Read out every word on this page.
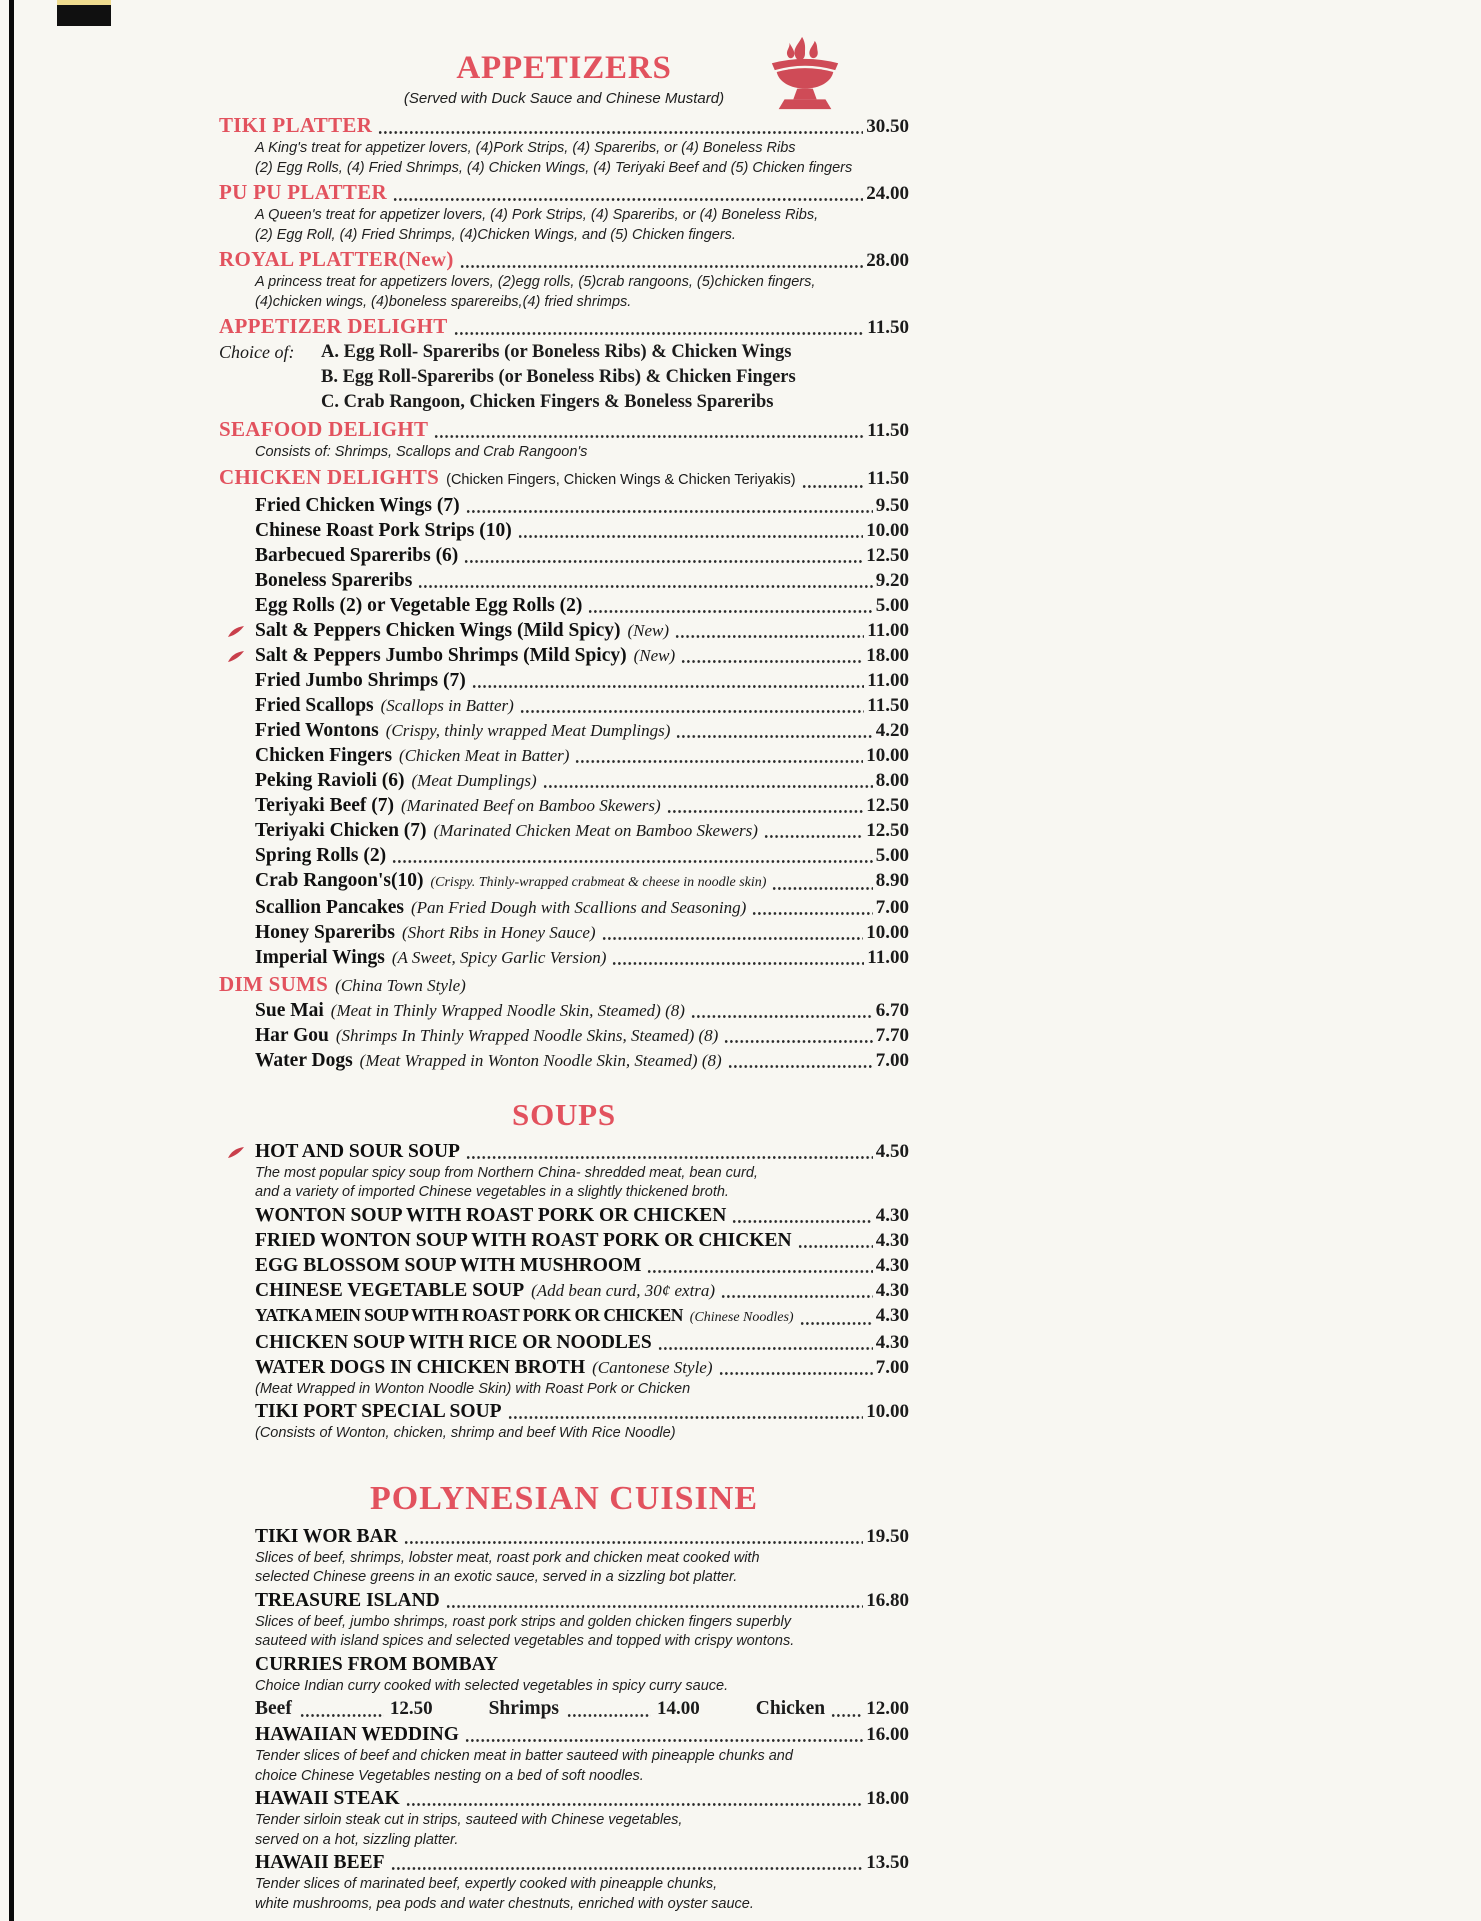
APPETIZERS
(Served with Duck Sauce and Chinese Mustard)
TIKI PLATTER	30.50
A King's treat for appetizer lovers, (4)Pork Strips, (4) Spareribs, or (4) Boneless Ribs
(2) Egg Rolls, (4) Fried Shrimps, (4) Chicken Wings, (4) Teriyaki Beef and (5) Chicken fingers
PU PU PLATTER	24.00
A Queen's treat for appetizer lovers, (4) Pork Strips, (4) Spareribs, or (4) Boneless Ribs,
(2) Egg Roll, (4) Fried Shrimps, (4)Chicken Wings, and (5) Chicken fingers.
ROYAL PLATTER(New)	28.00
A princess treat for appetizers lovers, (2)egg rolls, (5)crab rangoons, (5)chicken fingers,
(4)chicken wings, (4)boneless sparereibs,(4) fried shrimps.
APPETIZER DELIGHT	11.50
Choice of:	A. Egg Roll- Spareribs (or Boneless Ribs) & Chicken Wings
B. Egg Roll-Spareribs (or Boneless Ribs) & Chicken Fingers
C. Crab Rangoon, Chicken Fingers & Boneless Spareribs
SEAFOOD DELIGHT	11.50
Consists of: Shrimps, Scallops and Crab Rangoon's
CHICKEN DELIGHTS (Chicken Fingers, Chicken Wings & Chicken Teriyakis)	11.50
Fried Chicken Wings (7)	9.50
Chinese Roast Pork Strips (10)	10.00
Barbecued Spareribs (6)	12.50
Boneless Spareribs	9.20
Egg Rolls (2) or Vegetable Egg Rolls (2)	5.00
Salt & Peppers Chicken Wings (Mild Spicy) (New)	11.00
Salt & Peppers Jumbo Shrimps (Mild Spicy) (New)	18.00
Fried Jumbo Shrimps (7)	11.00
Fried Scallops (Scallops in Batter)	11.50
Fried Wontons (Crispy, thinly wrapped Meat Dumplings)	4.20
Chicken Fingers (Chicken Meat in Batter)	10.00
Peking Ravioli (6) (Meat Dumplings)	8.00
Teriyaki Beef (7) (Marinated Beef on Bamboo Skewers)	12.50
Teriyaki Chicken (7) (Marinated Chicken Meat on Bamboo Skewers)	12.50
Spring Rolls (2)	5.00
Crab Rangoon's(10) (Crispy. Thinly-wrapped crabmeat & cheese in noodle skin)	8.90
Scallion Pancakes (Pan Fried Dough with Scallions and Seasoning)	7.00
Honey Spareribs (Short Ribs in Honey Sauce)	10.00
Imperial Wings (A Sweet, Spicy Garlic Version)	11.00
DIM SUMS (China Town Style)
Sue Mai (Meat in Thinly Wrapped Noodle Skin, Steamed) (8)	6.70
Har Gou (Shrimps In Thinly Wrapped Noodle Skins, Steamed) (8)	7.70
Water Dogs (Meat Wrapped in Wonton Noodle Skin, Steamed) (8)	7.00
SOUPS
HOT AND SOUR SOUP	4.50
The most popular spicy soup from Northern China- shredded meat, bean curd,
and a variety of imported Chinese vegetables in a slightly thickened broth.
WONTON SOUP WITH ROAST PORK OR CHICKEN	4.30
FRIED WONTON SOUP WITH ROAST PORK OR CHICKEN	4.30
EGG BLOSSOM SOUP WITH MUSHROOM	4.30
CHINESE VEGETABLE SOUP (Add bean curd, 30¢ extra)	4.30
YATKA MEIN SOUP WITH ROAST PORK OR CHICKEN (Chinese Noodles)	4.30
CHICKEN SOUP WITH RICE OR NOODLES	4.30
WATER DOGS IN CHICKEN BROTH (Cantonese Style)	7.00
(Meat Wrapped in Wonton Noodle Skin) with Roast Pork or Chicken
TIKI PORT SPECIAL SOUP	10.00
(Consists of Wonton, chicken, shrimp and beef With Rice Noodle)
POLYNESIAN CUISINE
TIKI WOR BAR	19.50
Slices of beef, shrimps, lobster meat, roast pork and chicken meat cooked with
selected Chinese greens in an exotic sauce, served in a sizzling bot platter.
TREASURE ISLAND	16.80
Slices of beef, jumbo shrimps, roast pork strips and golden chicken fingers superbly
sauteed with island spices and selected vegetables and topped with crispy wontons.
CURRIES FROM BOMBAY
Choice Indian curry cooked with selected vegetables in spicy curry sauce.
Beef	12.50	Shrimps	14.00	Chicken 12.00
HAWAIIAN WEDDING	16.00
Tender slices of beef and chicken meat in batter sauteed with pineapple chunks and
choice Chinese Vegetables nesting on a bed of soft noodles.
HAWAII STEAK	18.00
Tender sirloin steak cut in strips, sauteed with Chinese vegetables,
served on a hot, sizzling platter.
HAWAII BEEF	13.50
Tender slices of marinated beef, expertly cooked with pineapple chunks,
white mushrooms, pea pods and water chestnuts, enriched with oyster sauce.
